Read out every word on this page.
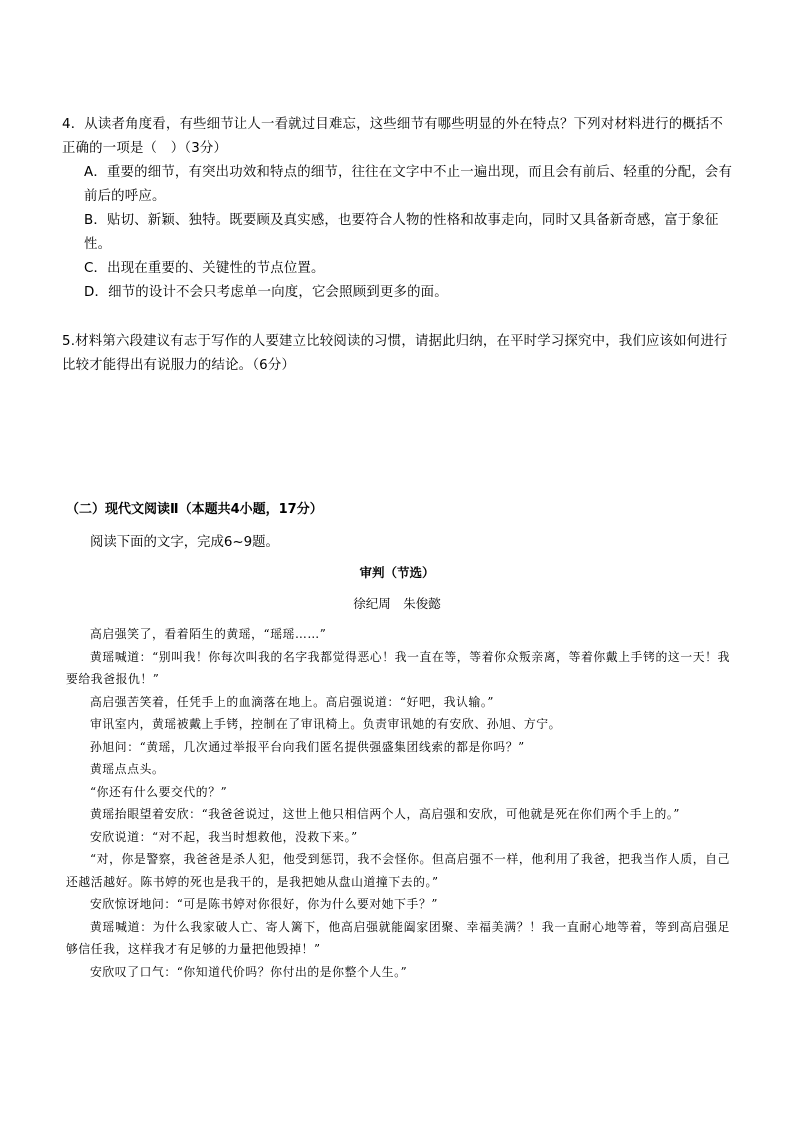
4．从读者角度看，有些细节让人一看就过目难忘，这些细节有哪些明显的外在特点？下列对材料进行的概括不正确的一项是（　）（3分）
A．重要的细节，有突出功效和特点的细节，往往在文字中不止一遍出现，而且会有前后、轻重的分配，会有前后的呼应。
B．贴切、新颖、独特。既要顾及真实感，也要符合人物的性格和故事走向，同时又具备新奇感，富于象征性。
C．出现在重要的、关键性的节点位置。
D．细节的设计不会只考虑单一向度，它会照顾到更多的面。
5.材料第六段建议有志于写作的人要建立比较阅读的习惯，请据此归纳，在平时学习探究中，我们应该如何进行比较才能得出有说服力的结论。（6分）
（二）现代文阅读Ⅱ（本题共4小题，17分）
阅读下面的文字，完成6~9题。
审判（节选）
徐纪周　朱俊懿

高启强笑了，看着陌生的黄瑶，“瑶瑶……”

黄瑶喊道：“别叫我！你每次叫我的名字我都觉得恶心！我一直在等，等着你众叛亲离，等着你戴上手铐的这一天！我要给我爸报仇！”

高启强苦笑着，任凭手上的血滴落在地上。高启强说道：“好吧，我认输。”

审讯室内，黄瑶被戴上手铐，控制在了审讯椅上。负责审讯她的有安欣、孙旭、方宁。

孙旭问：“黄瑶，几次通过举报平台向我们匿名提供强盛集团线索的都是你吗？”

黄瑶点点头。

“你还有什么要交代的？”

黄瑶抬眼望着安欣：“我爸爸说过，这世上他只相信两个人，高启强和安欣，可他就是死在你们两个手上的。”

安欣说道：“对不起，我当时想救他，没救下来。”

“对，你是警察，我爸爸是杀人犯，他受到惩罚，我不会怪你。但高启强不一样，他利用了我爸，把我当作人质，自己还越活越好。陈书婷的死也是我干的，是我把她从盘山道撞下去的。”

安欣惊讶地问：“可是陈书婷对你很好，你为什么要对她下手？”

黄瑶喊道：为什么我家破人亡、寄人篱下，他高启强就能阖家团聚、幸福美满？！我一直耐心地等着，等到高启强足够信任我，这样我才有足够的力量把他毁掉！”

安欣叹了口气：“你知道代价吗？你付出的是你整个人生。”
